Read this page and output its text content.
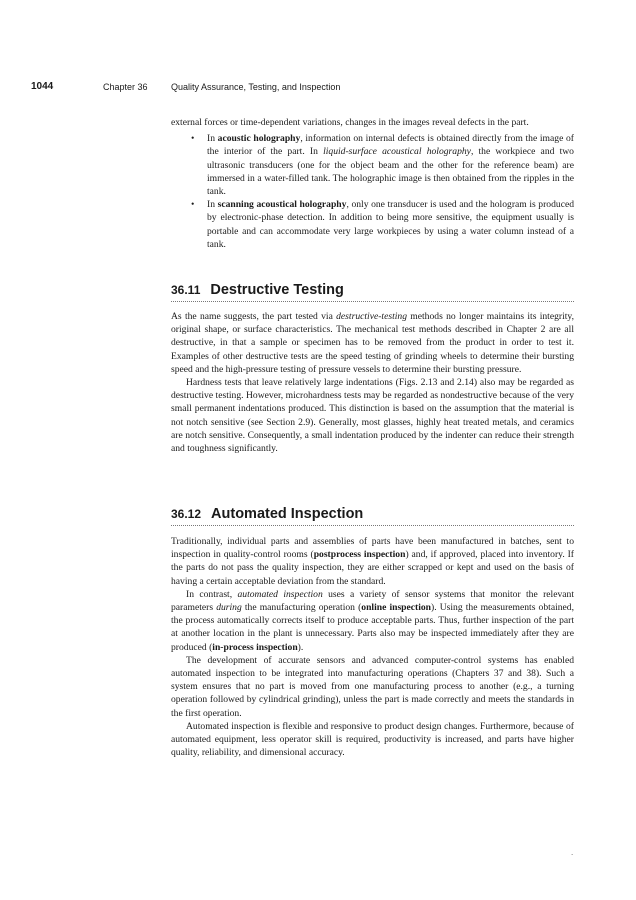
1044	Chapter 36	Quality Assurance, Testing, and Inspection

external forces or time-dependent variations, changes in the images reveal defects in the part.

• In acoustic holography, information on internal defects is obtained directly from the image of the interior of the part. In liquid-surface acoustical holography, the workpiece and two ultrasonic transducers (one for the object beam and the other for the reference beam) are immersed in a water-filled tank. The holographic image is then obtained from the ripples in the tank.
• In scanning acoustical holography, only one transducer is used and the hologram is produced by electronic-phase detection. In addition to being more sensitive, the equipment usually is portable and can accommodate very large workpieces by using a water column instead of a tank.
36.11 Destructive Testing

As the name suggests, the part tested via destructive-testing methods no longer maintains its integrity, original shape, or surface characteristics. The mechanical test methods described in Chapter 2 are all destructive, in that a sample or specimen has to be removed from the product in order to test it. Examples of other destructive tests are the speed testing of grinding wheels to determine their bursting speed and the high-pressure testing of pressure vessels to determine their bursting pressure.

Hardness tests that leave relatively large indentations (Figs. 2.13 and 2.14) also may be regarded as destructive testing. However, microhardness tests may be regarded as nondestructive because of the very small permanent indentations produced. This distinction is based on the assumption that the material is not notch sensitive (see Section 2.9). Generally, most glasses, highly heat treated metals, and ceramics are notch sensitive. Consequently, a small indentation produced by the indenter can reduce their strength and toughness significantly.

36.12 Automated Inspection

Traditionally, individual parts and assemblies of parts have been manufactured in batches, sent to inspection in quality-control rooms (postprocess inspection) and, if approved, placed into inventory. If the parts do not pass the quality inspection, they are either scrapped or kept and used on the basis of having a certain acceptable deviation from the standard.

In contrast, automated inspection uses a variety of sensor systems that monitor the relevant parameters during the manufacturing operation (online inspection). Using the measurements obtained, the process automatically corrects itself to produce acceptable parts. Thus, further inspection of the part at another location in the plant is unnecessary. Parts also may be inspected immediately after they are produced (in-process inspection).

The development of accurate sensors and advanced computer-control systems has enabled automated inspection to be integrated into manufacturing operations (Chapters 37 and 38). Such a system ensures that no part is moved from one manufacturing process to another (e.g., a turning operation followed by cylindrical grinding), unless the part is made correctly and meets the standards in the first operation.

Automated inspection is flexible and responsive to product design changes. Furthermore, because of automated equipment, less operator skill is required, productivity is increased, and parts have higher quality, reliability, and dimensional accuracy.

.
